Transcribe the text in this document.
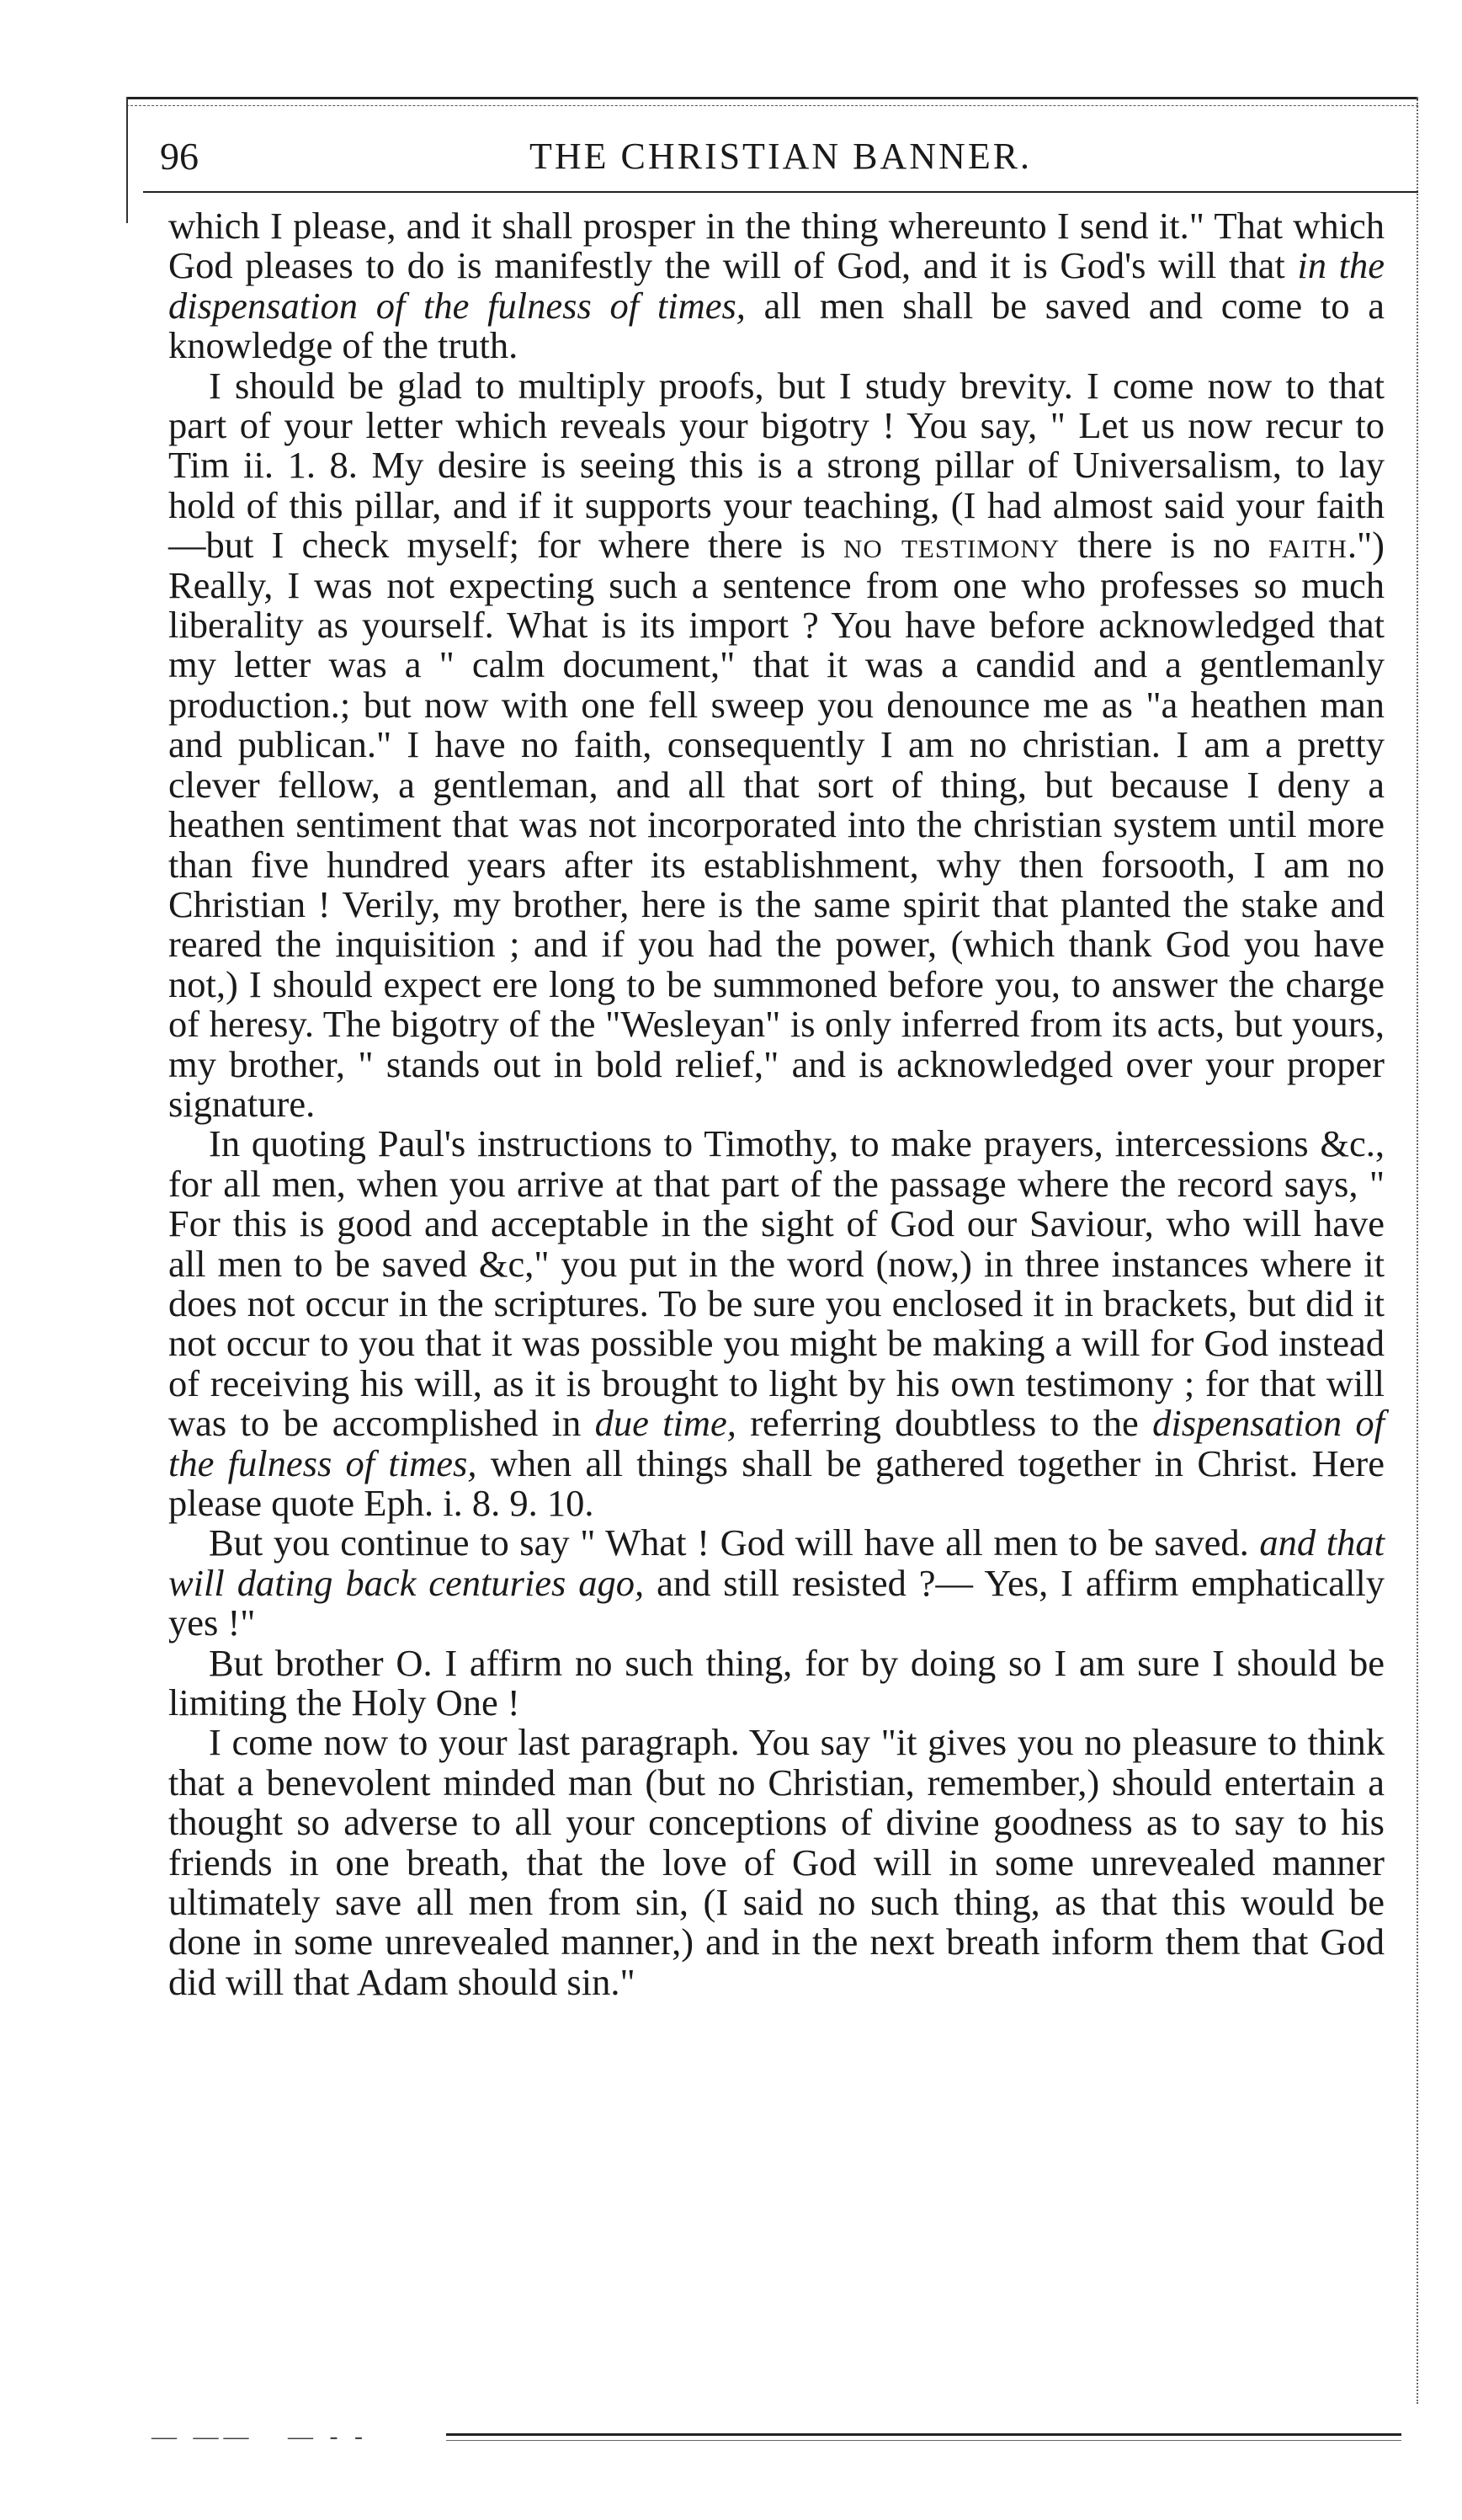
96	THE CHRISTIAN BANNER.

which I please, and it shall prosper in the thing whereunto I send it." That which God pleases to do is manifestly the will of God, and it is God's will that in the dispensation of the fulness of times, all men shall be saved and come to a knowledge of the truth.

I should be glad to multiply proofs, but I study brevity. I come now to that part of your letter which reveals your bigotry ! You say, " Let us now recur to Tim ii. 1. 8. My desire is seeing this is a strong pillar of Universalism, to lay hold of this pillar, and if it supports your teaching, (I had almost said your faith—but I check myself; for where there is no testimony there is no faith.") Really, I was not expecting such a sentence from one who professes so much liberality as yourself. What is its import ? You have before acknowledged that my letter was a " calm document," that it was a candid and a gentlemanly production.; but now with one fell sweep you denounce me as "a heathen man and publican." I have no faith, consequently I am no christian. I am a pretty clever fellow, a gentleman, and all that sort of thing, but because I deny a heathen sentiment that was not incorporated into the christian system until more than five hundred years after its establishment, why then forsooth, I am no Christian ! Verily, my brother, here is the same spirit that planted the stake and reared the inquisition ; and if you had the power, (which thank God you have not,) I should expect ere long to be summoned before you, to answer the charge of heresy. The bigotry of the "Wesleyan" is only inferred from its acts, but yours, my brother, " stands out in bold relief," and is acknowledged over your proper signature.

In quoting Paul's instructions to Timothy, to make prayers, intercessions &c., for all men, when you arrive at that part of the passage where the record says, " For this is good and acceptable in the sight of God our Saviour, who will have all men to be saved &c," you put in the word (now,) in three instances where it does not occur in the scriptures. To be sure you enclosed it in brackets, but did it not occur to you that it was possible you might be making a will for God instead of receiving his will, as it is brought to light by his own testimony ; for that will was to be accomplished in due time, referring doubtless to the dispensation of the fulness of times, when all things shall be gathered together in Christ. Here please quote Eph. i. 8. 9. 10.

But you continue to say " What ! God will have all men to be saved. and that will dating back centuries ago, and still resisted ?— Yes, I affirm emphatically yes !"

But brother O. I affirm no such thing, for by doing so I am sure I should be limiting the Holy One !

I come now to your last paragraph. You say "it gives you no pleasure to think that a benevolent minded man (but no Christian, remember,) should entertain a thought so adverse to all your conceptions of divine goodness as to say to his friends in one breath, that the love of God will in some unrevealed manner ultimately save all men from sin, (I said no such thing, as that this would be done in some unrevealed manner,) and in the next breath inform them that God did will that Adam should sin."

— ——   — - -
